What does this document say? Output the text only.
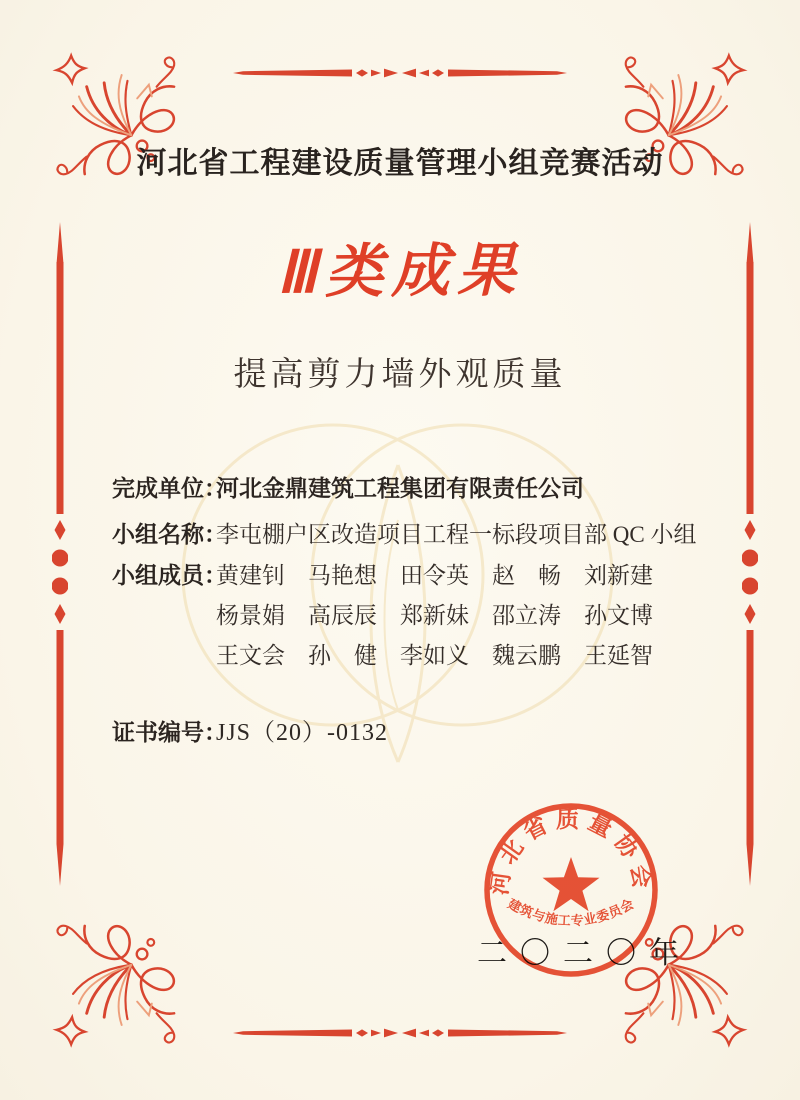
河北省工程建设质量管理小组竞赛活动
Ⅲ类成果
提高剪力墙外观质量
完成单位：河北金鼎建筑工程集团有限责任公司
小组名称：李屯棚户区改造项目工程一标段项目部 QC 小组
小组成员：黄建钊　马艳想　田令英　赵　畅　刘新建
杨景娟　高辰辰　郑新妹　邵立涛　孙文博
王文会　孙　健　李如义　魏云鹏　王延智
证书编号：JJS（20）-0132
二〇二〇年
河北省质量协会
建筑与施工专业委员会
